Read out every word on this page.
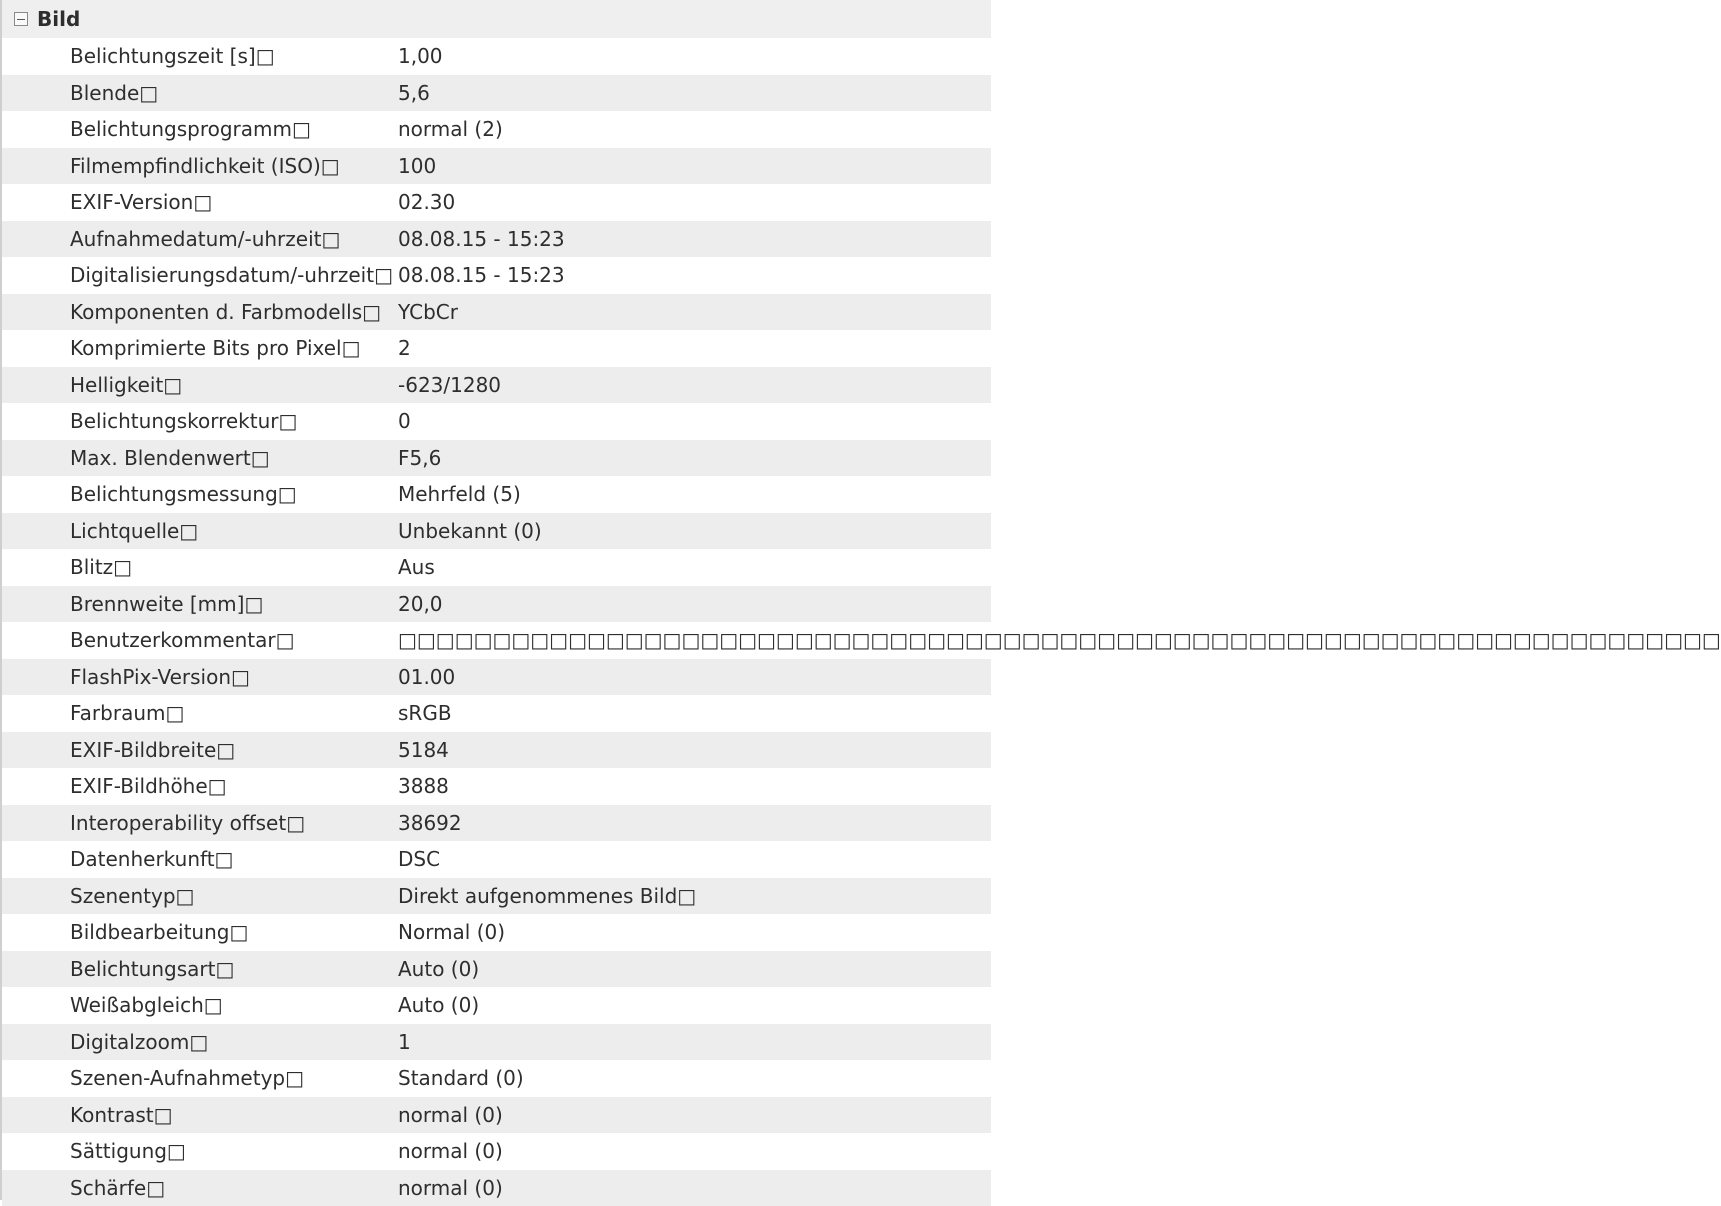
Bild
Belichtungszeit [s]□	1,00
Blende□	5,6
Belichtungsprogramm□	normal (2)
Filmempfindlichkeit (ISO)□	100
EXIF-Version□	02.30
Aufnahmedatum/-uhrzeit□	08.08.15 - 15:23
Digitalisierungsdatum/-uhrzeit□ 08.08.15 - 15:23
Komponenten d. Farbmodells□ YCbCr
Komprimierte Bits pro Pixel□	2
Helligkeit□	-623/1280
Belichtungskorrektur□	0
Max. Blendenwert□	F5,6
Belichtungsmessung□	Mehrfeld (5)
Lichtquelle□	Unbekannt (0)
Blitz□	Aus
Brennweite [mm]□	20,0
Benutzerkommentar□	□□□□□□□□□□□□□□□□□□□□□□□□□□□□□□□□□□□□□□□□□□□□□□□□□□□□□□□□□□□□□□□□□□□□□□
FlashPix-Version□	01.00
Farbraum□	sRGB
EXIF-Bildbreite□	5184
EXIF-Bildhöhe□	3888
Interoperability offset□	38692
Datenherkunft□	DSC
Szenentyp□	Direkt aufgenommenes Bild□
Bildbearbeitung□	Normal (0)
Belichtungsart□	Auto (0)
Weißabgleich□	Auto (0)
Digitalzoom□	1
Szenen-Aufnahmetyp□	Standard (0)
Kontrast□	normal (0)
Sättigung□	normal (0)
Schärfe□	normal (0)
